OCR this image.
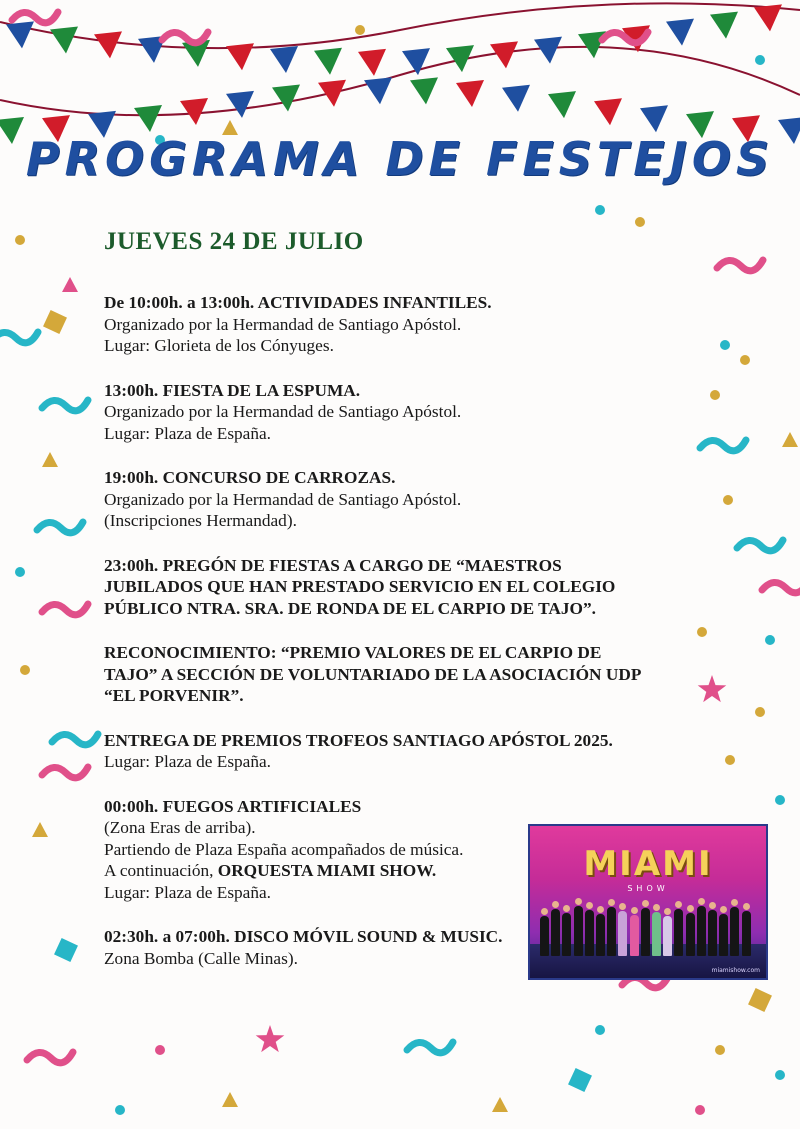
PROGRAMA DE FESTEJOS
JUEVES 24 DE JULIO
De 10:00h. a 13:00h. ACTIVIDADES INFANTILES.
Organizado por la Hermandad de Santiago Apóstol.
Lugar: Glorieta de los Cónyuges.
13:00h. FIESTA DE LA ESPUMA.
Organizado por la Hermandad de Santiago Apóstol.
Lugar: Plaza de España.
19:00h. CONCURSO DE CARROZAS.
Organizado por la Hermandad de Santiago Apóstol.
(Inscripciones Hermandad).
23:00h. PREGÓN DE FIESTAS A CARGO DE “MAESTROS
JUBILADOS QUE HAN PRESTADO SERVICIO EN EL COLEGIO
PÚBLICO NTRA. SRA. DE RONDA DE EL CARPIO DE TAJO”.
RECONOCIMIENTO: “PREMIO VALORES DE EL CARPIO DE
TAJO” A SECCIÓN DE VOLUNTARIADO DE LA ASOCIACIÓN UDP
“EL PORVENIR”.
ENTREGA DE PREMIOS TROFEOS SANTIAGO APÓSTOL 2025.
Lugar: Plaza de España.
00:00h. FUEGOS ARTIFICIALES
(Zona Eras de arriba).
Partiendo de Plaza España acompañados de música.
A continuación, ORQUESTA MIAMI SHOW.
Lugar: Plaza de España.
02:30h. a 07:00h. DISCO MÓVIL SOUND & MUSIC.
Zona Bomba (Calle Minas).
MIAMI
SHOW
miamishow.com
